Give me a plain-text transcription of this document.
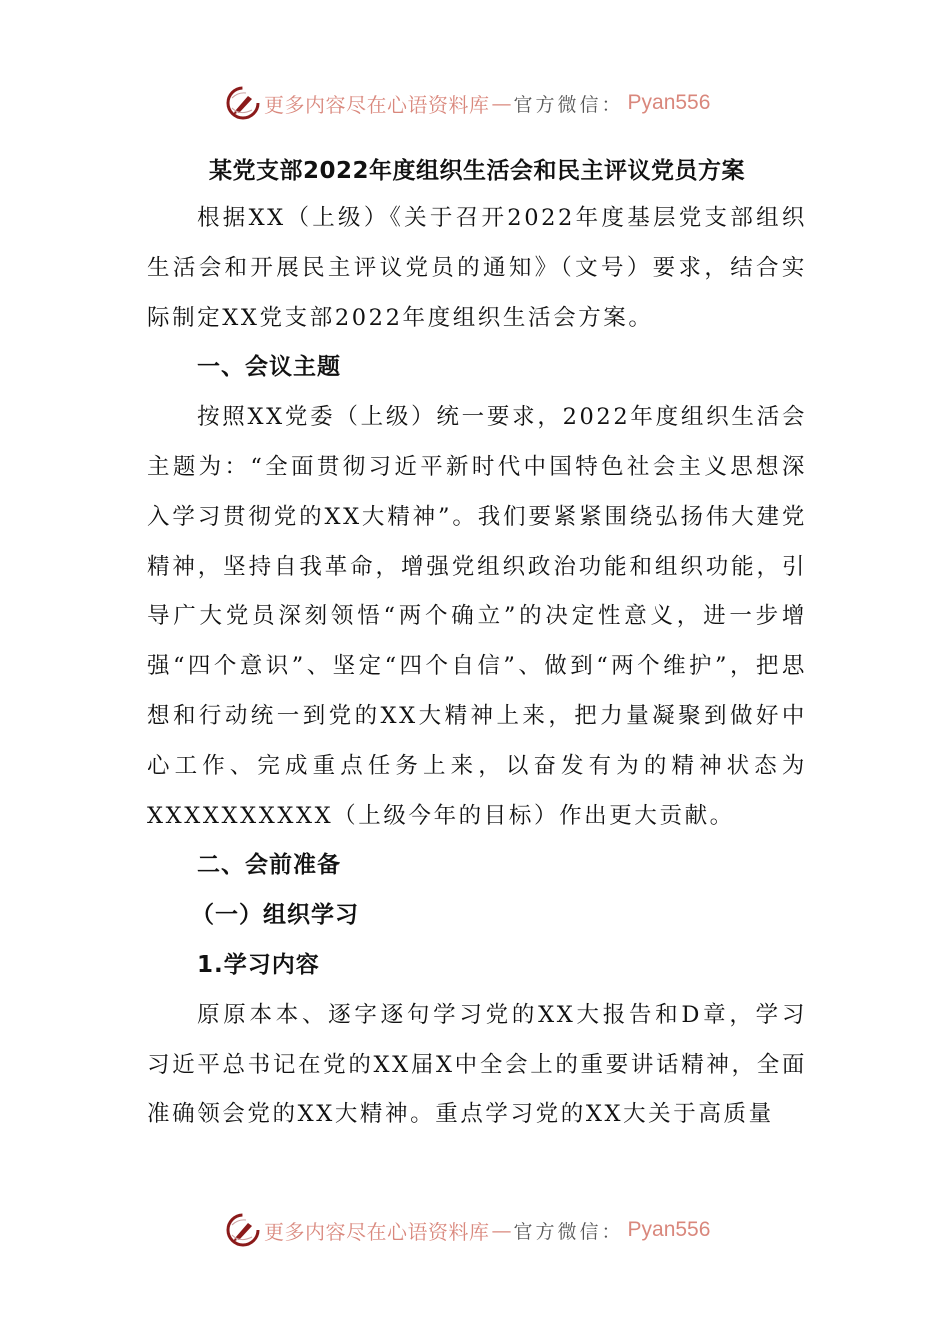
更多内容尽在心语资料库 — 官方微信： Pyan556
某党支部2022年度组织生活会和民主评议党员方案

根据XX（上级）《关于召开2022年度基层党支部组织生活会和开展民主评议党员的通知》（文号）要求，结合实际制定XX党支部2022年度组织生活会方案。

一、会议主题

按照XX党委（上级）统一要求，2022年度组织生活会主题为：“全面贯彻习近平新时代中国特色社会主义思想深入学习贯彻党的XX大精神”。我们要紧紧围绕弘扬伟大建党精神，坚持自我革命，增强党组织政治功能和组织功能，引导广大党员深刻领悟“两个确立”的决定性意义，进一步增强“四个意识”、坚定“四个自信”、做到“两个维护”，把思想和行动统一到党的XX大精神上来，把力量凝聚到做好中心工作、完成重点任务上来，以奋发有为的精神状态为XXXXXXXXXX（上级今年的目标）作出更大贡献。

二、会前准备
（一）组织学习
1.学习内容

原原本本、逐字逐句学习党的XX大报告和D章，学习习近平总书记在党的XX届X中全会上的重要讲话精神，全面准确领会党的XX大精神。重点学习党的XX大关于高质量

更多内容尽在心语资料库 — 官方微信： Pyan556
